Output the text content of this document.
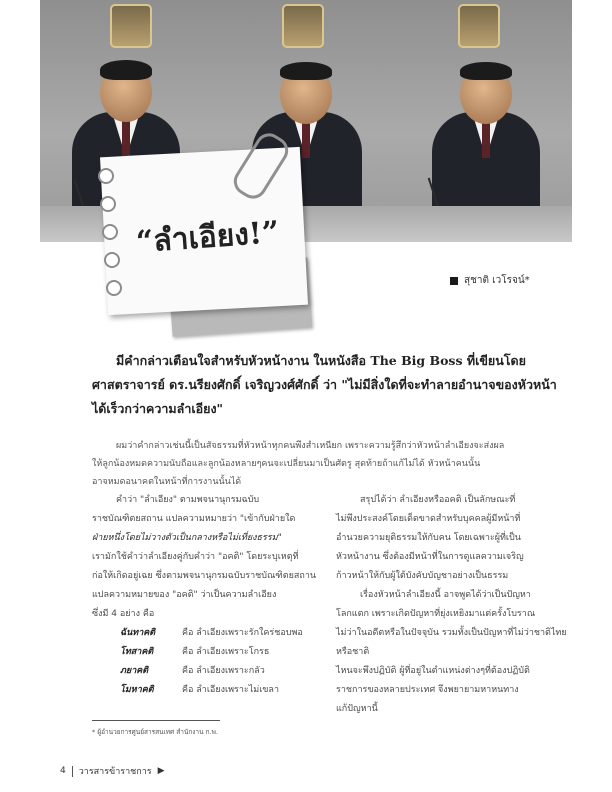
“ลำเอียง!”
สุชาติ เวโรจน์*
มีคำกล่าวเตือนใจสำหรับหัวหน้างาน ในหนังสือ The Big Boss ที่เขียนโดย
ศาสตราจารย์ ดร.นรียงศักดิ์ เจริญวงศ์ศักดิ์ ว่า "ไม่มีสิ่งใดที่จะทำลายอำนาจของหัวหน้า
ได้เร็วกว่าความลำเอียง"
ผมว่าคำกล่าวเช่นนี้เป็นสัจธรรมที่หัวหน้าทุกคนพึงสำเหนียก เพราะความรู้สึกว่าหัวหน้าลำเอียงจะส่งผล
ให้ลูกน้องหมดความนับถือและลูกน้องหลายๆคนจะเปลี่ยนมาเป็นศัตรู สุดท้ายถ้าแก้ไม่ได้ หัวหน้าคนนั้น
อาจหมดอนาคตในหน้าที่การงานนั้นได้
คำว่า "ลำเอียง" ตามพจนานุกรมฉบับ
ราชบัณฑิตยสถาน แปลความหมายว่า "เข้ากับฝ่ายใด
ฝ่ายหนึ่งโดยไม่วางตัวเป็นกลางหรือไม่เที่ยงธรรม"
เรามักใช้คำว่าลำเอียงคู่กับคำว่า "อคติ" โดยระบุเหตุที่
ก่อให้เกิดอยู่เฉย ซึ่งตามพจนานุกรมฉบับราชบัณฑิตยสถาน
แปลความหมายของ "อคติ" ว่าเป็นความลำเอียง
ซึ่งมี 4 อย่าง คือ
ฉันทาคติ	คือ ลำเอียงเพราะรักใคร่ชอบพอ
โทสาคติ	คือ ลำเอียงเพราะโกรธ
ภยาคติ	คือ ลำเอียงเพราะกลัว
โมหาคติ	คือ ลำเอียงเพราะไม่เขลา
สรุปได้ว่า ลำเอียงหรืออคติ เป็นลักษณะที่
ไม่พึงประสงค์โดยเด็ดขาดสำหรับบุคคลผู้มีหน้าที่
อำนวยความยุติธรรมให้กับคน โดยเฉพาะผู้ที่เป็น
หัวหน้างาน ซึ่งต้องมีหน้าที่ในการดูแลความเจริญ
ก้าวหน้าให้กับผู้ใต้บังคับบัญชาอย่างเป็นธรรม
เรื่องหัวหน้าลำเอียงนี้ อาจพูดได้ว่าเป็นปัญหา
โลกแตก เพราะเกิดปัญหาที่ยุ่งเหยิงมาแต่ครั้งโบราณ
ไม่ว่าในอดีตหรือในปัจจุบัน รวมทั้งเป็นปัญหาที่ไม่ว่าชาติไทยหรือชาติ
ไหนจะพึงปฏิบัติ ผู้ที่อยู่ในตำแหน่งต่างๆที่ต้องปฏิบัติ
ราชการของหลายประเทศ จึงพยายามหาหนทาง
แก้ปัญหานี้
* ผู้อำนวยการศูนย์สารสนเทศ สำนักงาน ก.พ.
4 วารสารข้าราชการ ▶
